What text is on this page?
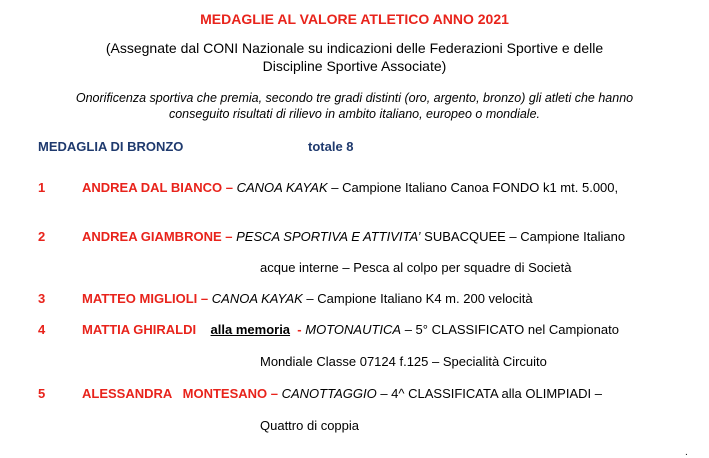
MEDAGLIE AL VALORE ATLETICO ANNO 2021
(Assegnate dal CONI Nazionale su indicazioni delle Federazioni Sportive e delle
Discipline Sportive Associate)
Onorificenza sportiva che premia, secondo tre gradi distinti (oro, argento, bronzo) gli atleti che hanno
conseguito risultati di rilievo in ambito italiano, europeo o mondiale.
MEDAGLIA DI BRONZO	totale 8
1	ANDREA DAL BIANCO – CANOA KAYAK – Campione Italiano Canoa FONDO k1 mt. 5.000,
2	ANDREA GIAMBRONE – PESCA SPORTIVA E ATTIVITA’ SUBACQUEE – Campione Italiano
acque interne – Pesca al colpo per squadre di Società
3	MATTEO MIGLIOLI – CANOA KAYAK – Campione Italiano K4 m. 200 velocità
4	MATTIA GHIRALDI alla memoria  - MOTONAUTICA – 5° CLASSIFICATO nel Campionato
Mondiale Classe 07124 f.125 – Specialità Circuito
5	ALESSANDRA   MONTESANO – CANOTTAGGIO – 4^ CLASSIFICATA alla OLIMPIADI –
Quattro di coppia
.
